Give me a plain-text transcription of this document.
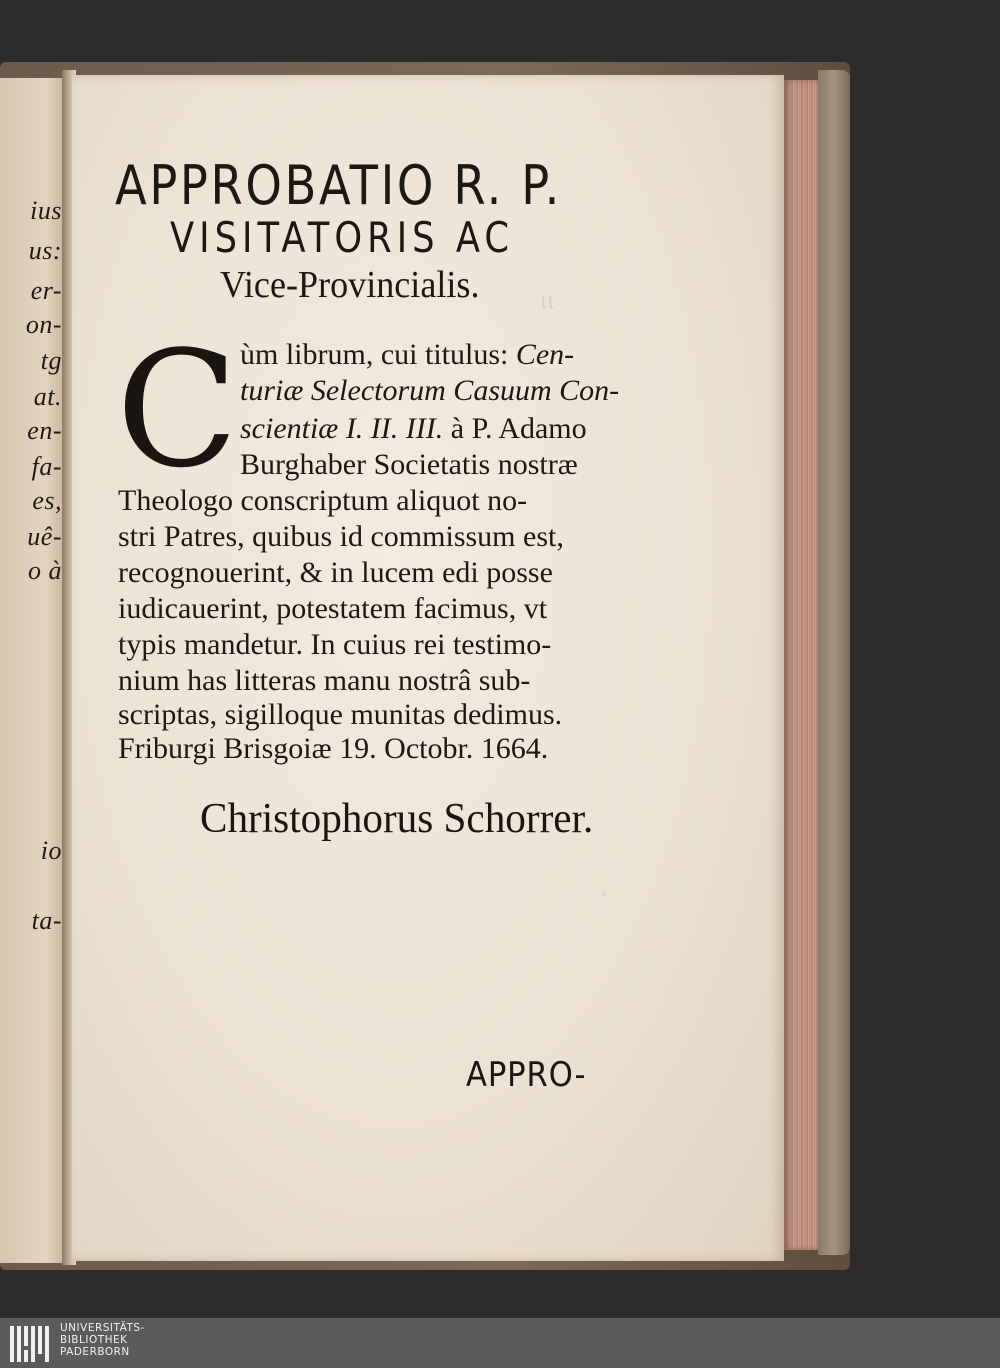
ius
us:
er-
on-
tg
at.
en-
fa-
es,
uê-
o à
io
ta-
ιι
·
APPROBATIO R. P.
VISITATORIS AC
Vice-Provincialis.
C ùm librum, cui titulus: Cen-
turiæ Selectorum Casuum Con-
scientiæ I. II. III. à P. Adamo
Burghaber Societatis nostræ
Theologo conscriptum aliquot no-
stri Patres, quibus id commissum est,
recognouerint, & in lucem edi posse
iudicauerint, potestatem facimus, vt
typis mandetur. In cuius rei testimo-
nium has litteras manu nostrâ sub-
scriptas, sigilloque munitas dedimus.
Friburgi Brisgoiæ 19. Octobr. 1664.
Christophorus Schorrer.
APPRO-
UNIVERSITÄTS-
BIBLIOTHEK
PADERBORN
